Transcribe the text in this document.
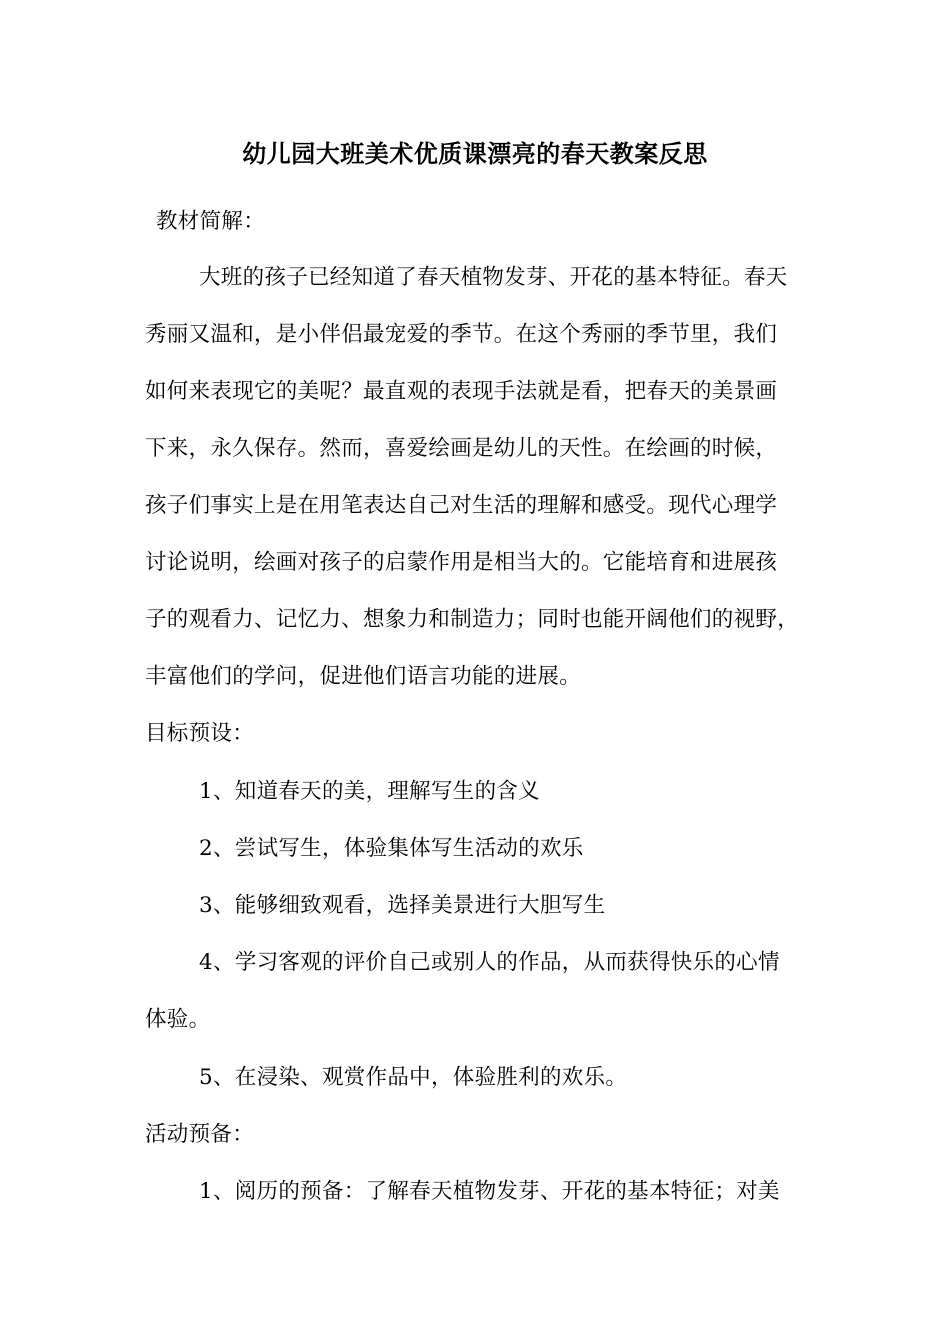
幼儿园大班美术优质课漂亮的春天教案反思
教材简解：
大班的孩子已经知道了春天植物发芽、开花的基本特征。春天
秀丽又温和，是小伴侣最宠爱的季节。在这个秀丽的季节里，我们
如何来表现它的美呢？最直观的表现手法就是看，把春天的美景画
下来，永久保存。然而，喜爱绘画是幼儿的天性。在绘画的时候，
孩子们事实上是在用笔表达自己对生活的理解和感受。现代心理学
讨论说明，绘画对孩子的启蒙作用是相当大的。它能培育和进展孩
子的观看力、记忆力、想象力和制造力；同时也能开阔他们的视野，
丰富他们的学问，促进他们语言功能的进展。
目标预设：
1、知道春天的美，理解写生的含义
2、尝试写生，体验集体写生活动的欢乐
3、能够细致观看，选择美景进行大胆写生
4、学习客观的评价自己或别人的作品，从而获得快乐的心情
体验。
5、在浸染、观赏作品中，体验胜利的欢乐。
活动预备：
1、阅历的预备：了解春天植物发芽、开花的基本特征；对美
